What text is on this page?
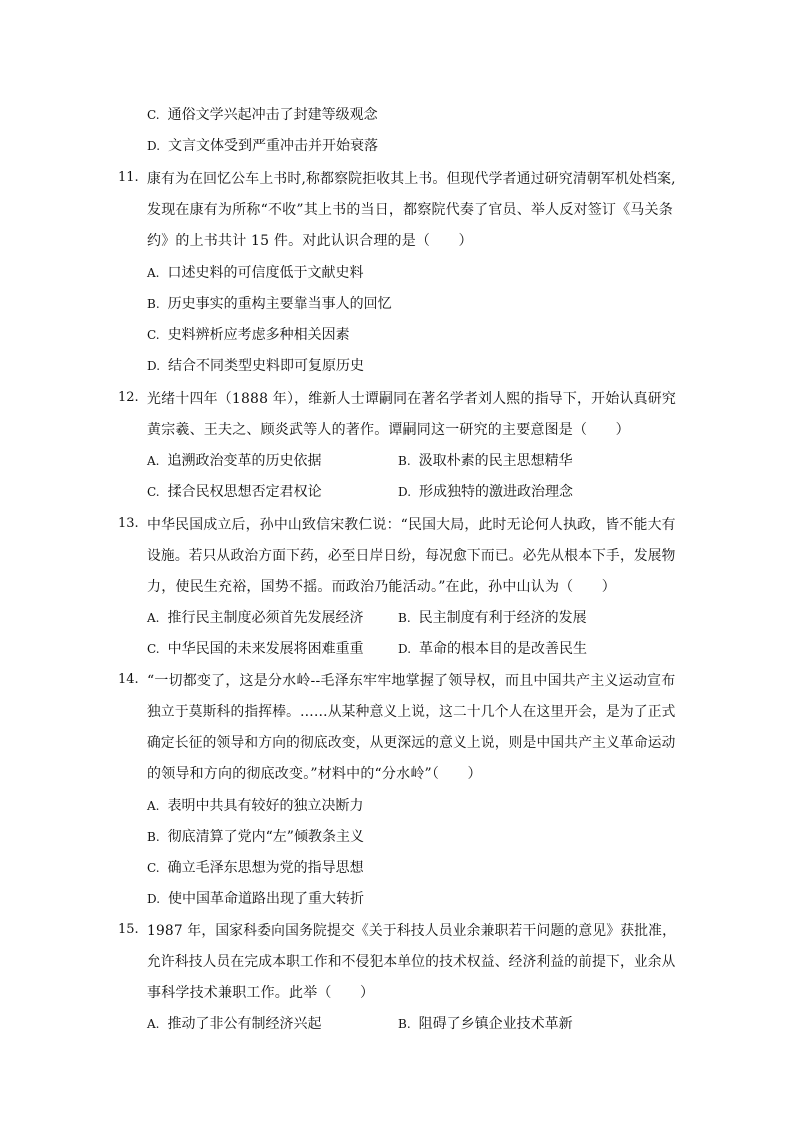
C. 通俗文学兴起冲击了封建等级观念
D. 文言文体受到严重冲击并开始衰落
11. 康有为在回忆公车上书时,称都察院拒收其上书。但现代学者通过研究清朝军机处档案,
发现在康有为所称“不收”其上书的当日，都察院代奏了官员、举人反对签订《马关条
约》的上书共计 15 件。对此认识合理的是（　　）
A. 口述史料的可信度低于文献史料
B. 历史事实的重构主要靠当事人的回忆
C. 史料辨析应考虑多种相关因素
D. 结合不同类型史料即可复原历史
12. 光绪十四年（1888 年），维新人士谭嗣同在著名学者刘人熙的指导下，开始认真研究
黄宗羲、王夫之、顾炎武等人的著作。谭嗣同这一研究的主要意图是（　　）
A. 追溯政治变革的历史依据	B. 汲取朴素的民主思想精华
C. 揉合民权思想否定君权论	D. 形成独特的激进政治理念
13. 中华民国成立后，孙中山致信宋教仁说：“民国大局，此时无论何人执政，皆不能大有
设施。若只从政治方面下药，必至日岸日纷，每况愈下而已。必先从根本下手，发展物
力，使民生充裕，国势不摇。而政治乃能活动。”在此，孙中山认为（　　）
A. 推行民主制度必须首先发展经济	B. 民主制度有利于经济的发展
C. 中华民国的未来发展将困难重重	D. 革命的根本目的是改善民生
14. “一切都变了，这是分水岭--毛泽东牢牢地掌握了领导权，而且中国共产主义运动宣布
独立于莫斯科的指挥棒。……从某种意义上说，这二十几个人在这里开会，是为了正式
确定长征的领导和方向的彻底改变，从更深远的意义上说，则是中国共产主义革命运动
的领导和方向的彻底改变。”材料中的“分水岭”（　　）
A. 表明中共具有较好的独立决断力
B. 彻底清算了党内“左”倾教条主义
C. 确立毛泽东思想为党的指导思想
D. 使中国革命道路出现了重大转折
15. 1987 年，国家科委向国务院提交《关于科技人员业余兼职若干问题的意见》获批准，
允许科技人员在完成本职工作和不侵犯本单位的技术权益、经济利益的前提下，业余从
事科学技术兼职工作。此举（　　）
A. 推动了非公有制经济兴起	B. 阻碍了乡镇企业技术革新
